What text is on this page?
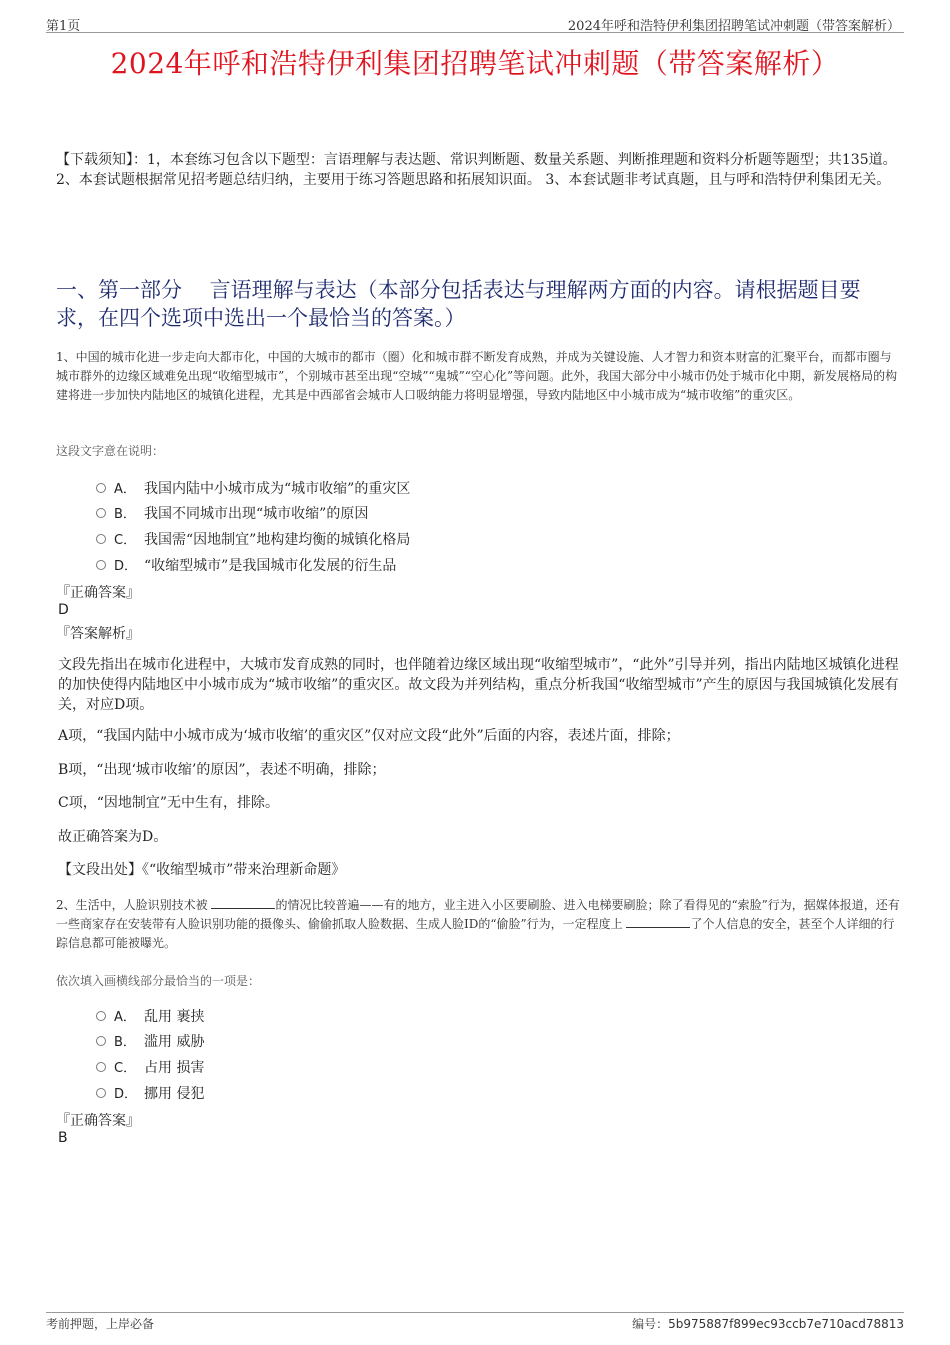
第1页	2024年呼和浩特伊利集团招聘笔试冲刺题（带答案解析）
2024年呼和浩特伊利集团招聘笔试冲刺题（带答案解析）
【下载须知】：1，本套练习包含以下题型：言语理解与表达题、常识判断题、数量关系题、判断推理题和资料分析题等题型；共135道。 2、本套试题根据常见招考题总结归纳，主要用于练习答题思路和拓展知识面。 3、本套试题非考试真题，且与呼和浩特伊利集团无关。
一、第一部分　 言语理解与表达（本部分包括表达与理解两方面的内容。请根据题目要求，在四个选项中选出一个最恰当的答案。）
1、中国的城市化进一步走向大都市化，中国的大城市的都市（圈）化和城市群不断发育成熟，并成为关键设施、人才智力和资本财富的汇聚平台，而都市圈与城市群外的边缘区域难免出现“收缩型城市”，个别城市甚至出现“空城”“鬼城”“空心化”等问题。此外，我国大部分中小城市仍处于城市化中期，新发展格局的构建将进一步加快内陆地区的城镇化进程，尤其是中西部省会城市人口吸纳能力将明显增强，导致内陆地区中小城市成为“城市收缩”的重灾区。
这段文字意在说明：
A． 我国内陆中小城市成为“城市收缩”的重灾区
B． 我国不同城市出现“城市收缩”的原因
C． 我国需“因地制宜”地构建均衡的城镇化格局
D． “收缩型城市”是我国城市化发展的衍生品
『正确答案』
D
『答案解析』
文段先指出在城市化进程中，大城市发育成熟的同时，也伴随着边缘区域出现“收缩型城市”，“此外”引导并列，指出内陆地区城镇化进程的加快使得内陆地区中小城市成为“城市收缩”的重灾区。故文段为并列结构，重点分析我国“收缩型城市”产生的原因与我国城镇化发展有关，对应D项。
A项，“我国内陆中小城市成为‘城市收缩’的重灾区”仅对应文段“此外”后面的内容，表述片面，排除；
B项，“出现‘城市收缩’的原因”，表述不明确，排除；
C项，“因地制宜”无中生有，排除。
故正确答案为D。
【文段出处】《“收缩型城市”带来治理新命题》
2、生活中，人脸识别技术被	的情况比较普遍——有的地方，业主进入小区要刷脸、进入电梯要刷脸；除了看得见的“索脸”行为，据媒体报道，还有一些商家存在安装带有人脸识别功能的摄像头、偷偷抓取人脸数据、生成人脸ID的“偷脸”行为，一定程度上	了个人信息的安全，甚至个人详细的行踪信息都可能被曝光。
依次填入画横线部分最恰当的一项是：
A． 乱用 裹挟
B． 滥用 威胁
C． 占用 损害
D． 挪用 侵犯
『正确答案』
B
考前押题，上岸必备	编号：5b975887f899ec93ccb7e710acd78813
